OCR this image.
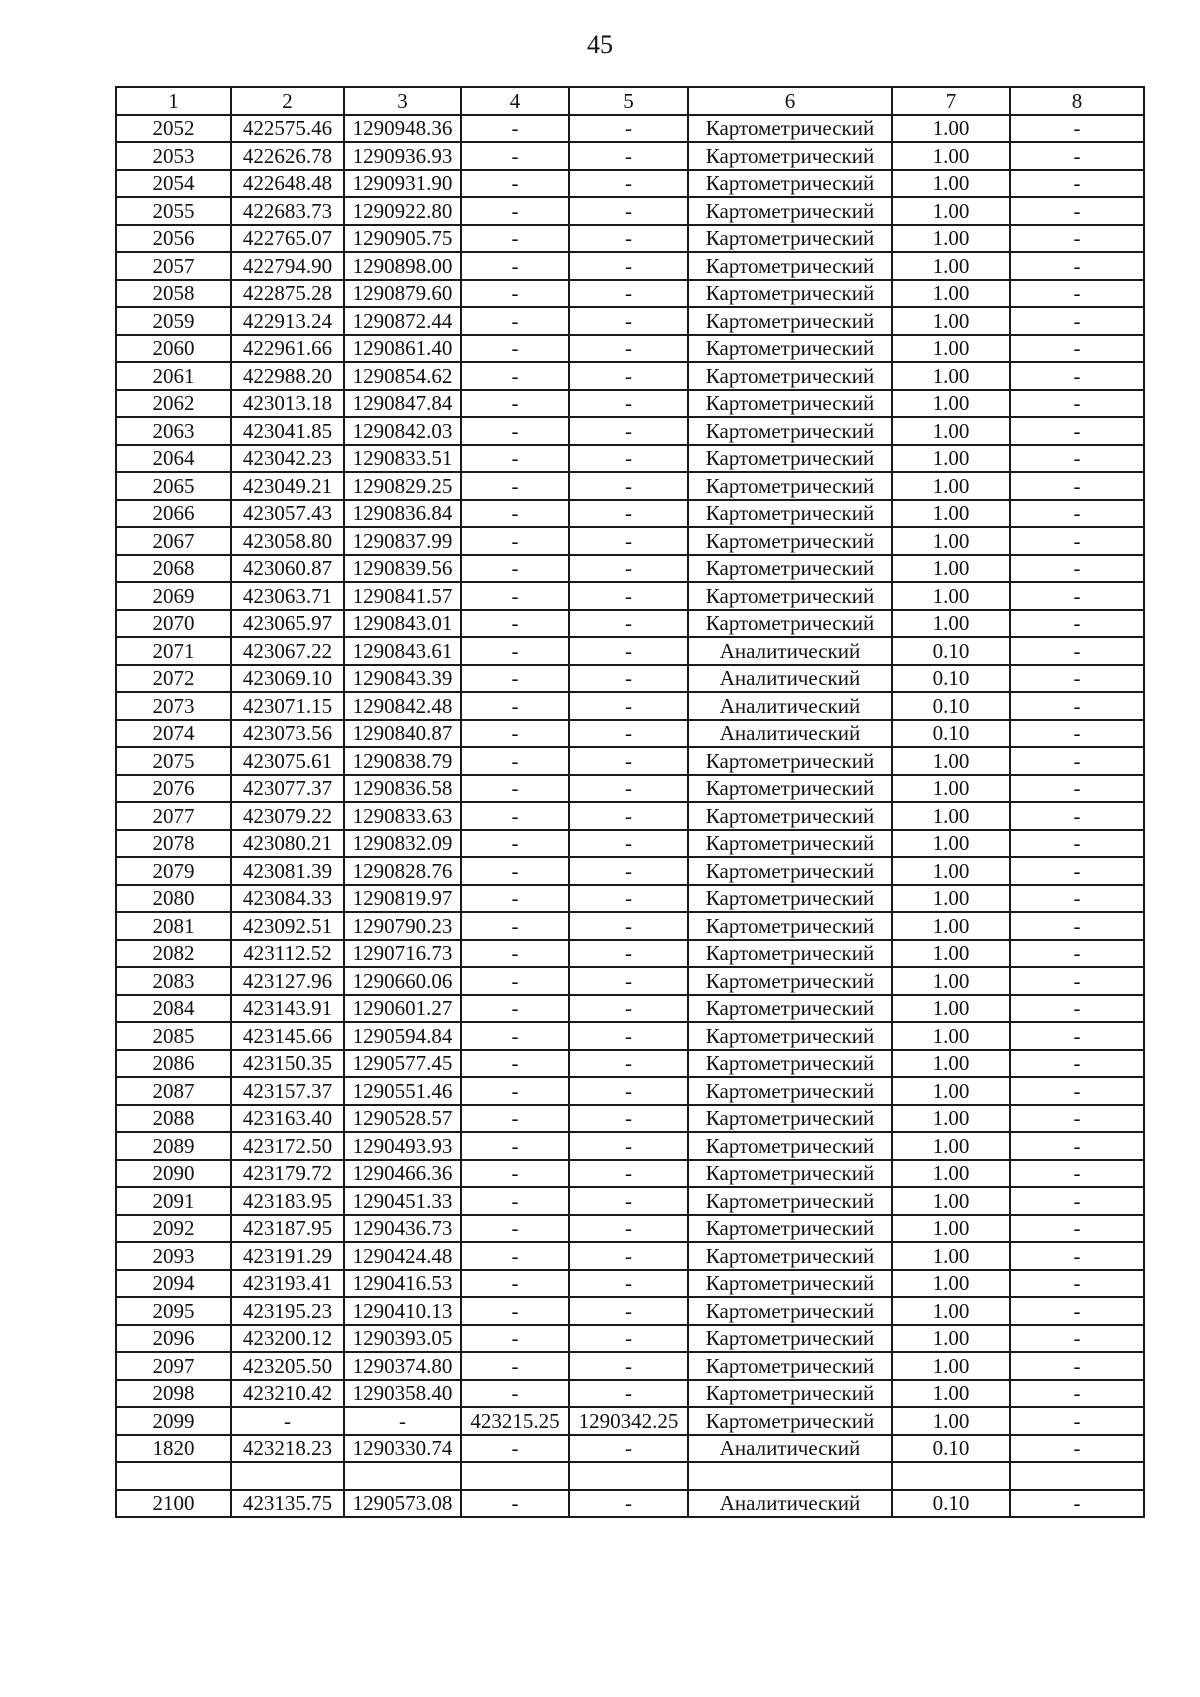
45
1	2	3	4	5	6	7	8
2052	422575.46	1290948.36	-	-	Картометрический	1.00	-
2053	422626.78	1290936.93	-	-	Картометрический	1.00	-
2054	422648.48	1290931.90	-	-	Картометрический	1.00	-
2055	422683.73	1290922.80	-	-	Картометрический	1.00	-
2056	422765.07	1290905.75	-	-	Картометрический	1.00	-
2057	422794.90	1290898.00	-	-	Картометрический	1.00	-
2058	422875.28	1290879.60	-	-	Картометрический	1.00	-
2059	422913.24	1290872.44	-	-	Картометрический	1.00	-
2060	422961.66	1290861.40	-	-	Картометрический	1.00	-
2061	422988.20	1290854.62	-	-	Картометрический	1.00	-
2062	423013.18	1290847.84	-	-	Картометрический	1.00	-
2063	423041.85	1290842.03	-	-	Картометрический	1.00	-
2064	423042.23	1290833.51	-	-	Картометрический	1.00	-
2065	423049.21	1290829.25	-	-	Картометрический	1.00	-
2066	423057.43	1290836.84	-	-	Картометрический	1.00	-
2067	423058.80	1290837.99	-	-	Картометрический	1.00	-
2068	423060.87	1290839.56	-	-	Картометрический	1.00	-
2069	423063.71	1290841.57	-	-	Картометрический	1.00	-
2070	423065.97	1290843.01	-	-	Картометрический	1.00	-
2071	423067.22	1290843.61	-	-	Аналитический	0.10	-
2072	423069.10	1290843.39	-	-	Аналитический	0.10	-
2073	423071.15	1290842.48	-	-	Аналитический	0.10	-
2074	423073.56	1290840.87	-	-	Аналитический	0.10	-
2075	423075.61	1290838.79	-	-	Картометрический	1.00	-
2076	423077.37	1290836.58	-	-	Картометрический	1.00	-
2077	423079.22	1290833.63	-	-	Картометрический	1.00	-
2078	423080.21	1290832.09	-	-	Картометрический	1.00	-
2079	423081.39	1290828.76	-	-	Картометрический	1.00	-
2080	423084.33	1290819.97	-	-	Картометрический	1.00	-
2081	423092.51	1290790.23	-	-	Картометрический	1.00	-
2082	423112.52	1290716.73	-	-	Картометрический	1.00	-
2083	423127.96	1290660.06	-	-	Картометрический	1.00	-
2084	423143.91	1290601.27	-	-	Картометрический	1.00	-
2085	423145.66	1290594.84	-	-	Картометрический	1.00	-
2086	423150.35	1290577.45	-	-	Картометрический	1.00	-
2087	423157.37	1290551.46	-	-	Картометрический	1.00	-
2088	423163.40	1290528.57	-	-	Картометрический	1.00	-
2089	423172.50	1290493.93	-	-	Картометрический	1.00	-
2090	423179.72	1290466.36	-	-	Картометрический	1.00	-
2091	423183.95	1290451.33	-	-	Картометрический	1.00	-
2092	423187.95	1290436.73	-	-	Картометрический	1.00	-
2093	423191.29	1290424.48	-	-	Картометрический	1.00	-
2094	423193.41	1290416.53	-	-	Картометрический	1.00	-
2095	423195.23	1290410.13	-	-	Картометрический	1.00	-
2096	423200.12	1290393.05	-	-	Картометрический	1.00	-
2097	423205.50	1290374.80	-	-	Картометрический	1.00	-
2098	423210.42	1290358.40	-	-	Картометрический	1.00	-
2099	-	-	423215.25	1290342.25	Картометрический	1.00	-
1820	423218.23	1290330.74	-	-	Аналитический	0.10	-

2100	423135.75	1290573.08	-	-	Аналитический	0.10	-
